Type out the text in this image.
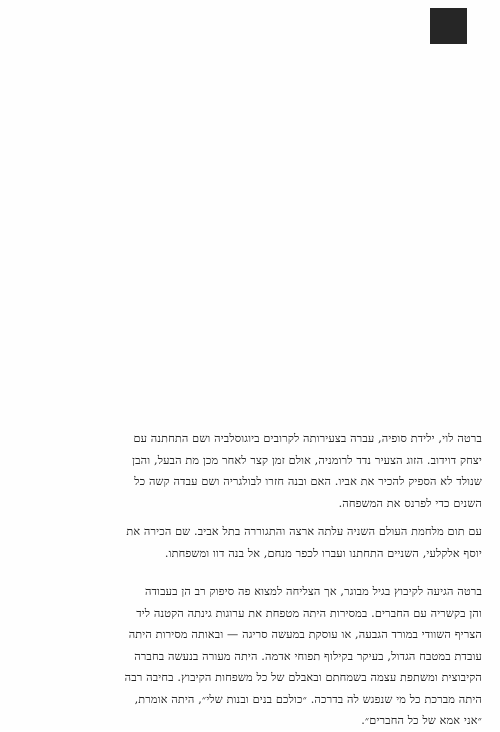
ברטה לוי, ילידת סופיה, עברה בצעירותה לקרובים ביוגוסלביה ושם התחתנה עם
יצחק דוידוב. הזוג הצעיר נדד לרומניה, אולם זמן קצר לאחר מכן מת הבעל, והבן
שנולד לא הספיק להכיר את אביו. האם ובנה חזרו לבולגריה ושם עבדה קשה כל
השנים כדי לפרנס את המשפחה.
עם תום מלחמת העולם השניה עלתה ארצה והתגוררה בתל אביב. שם הכירה את
יוסף אלקלעי, השניים התחתנו ועברו לכפר מנחם, אל בנה דוו ומשפחתו.
ברטה הגיעה לקיבוץ בגיל מבוגר, אך הצליחה למצוא פה סיפוק רב הן בעבודה
והן בקשריה עם החברים. במסירות היתה מטפחת את ערוגות גינתה הקטנה ליד
הצריף השוודי במורד הגבעה, או עוסקת במעשה סריגה — ובאותה מסירות היתה
עובדת במטבח הגדול, בעיקר בקילוף תפוחי אדמה. היתה מעורה בנעשה בחברה
הקיבוצית ומשתפת עצמה בשמחתם ובאבלם של כל משפחות הקיבוץ. בחיבה רבה
היתה מברכת כל מי שנפגש לה בדרכה. ״כולכם בנים ובנות שלי״, היתה אומרת,
״אני אמא של כל החברים״.
